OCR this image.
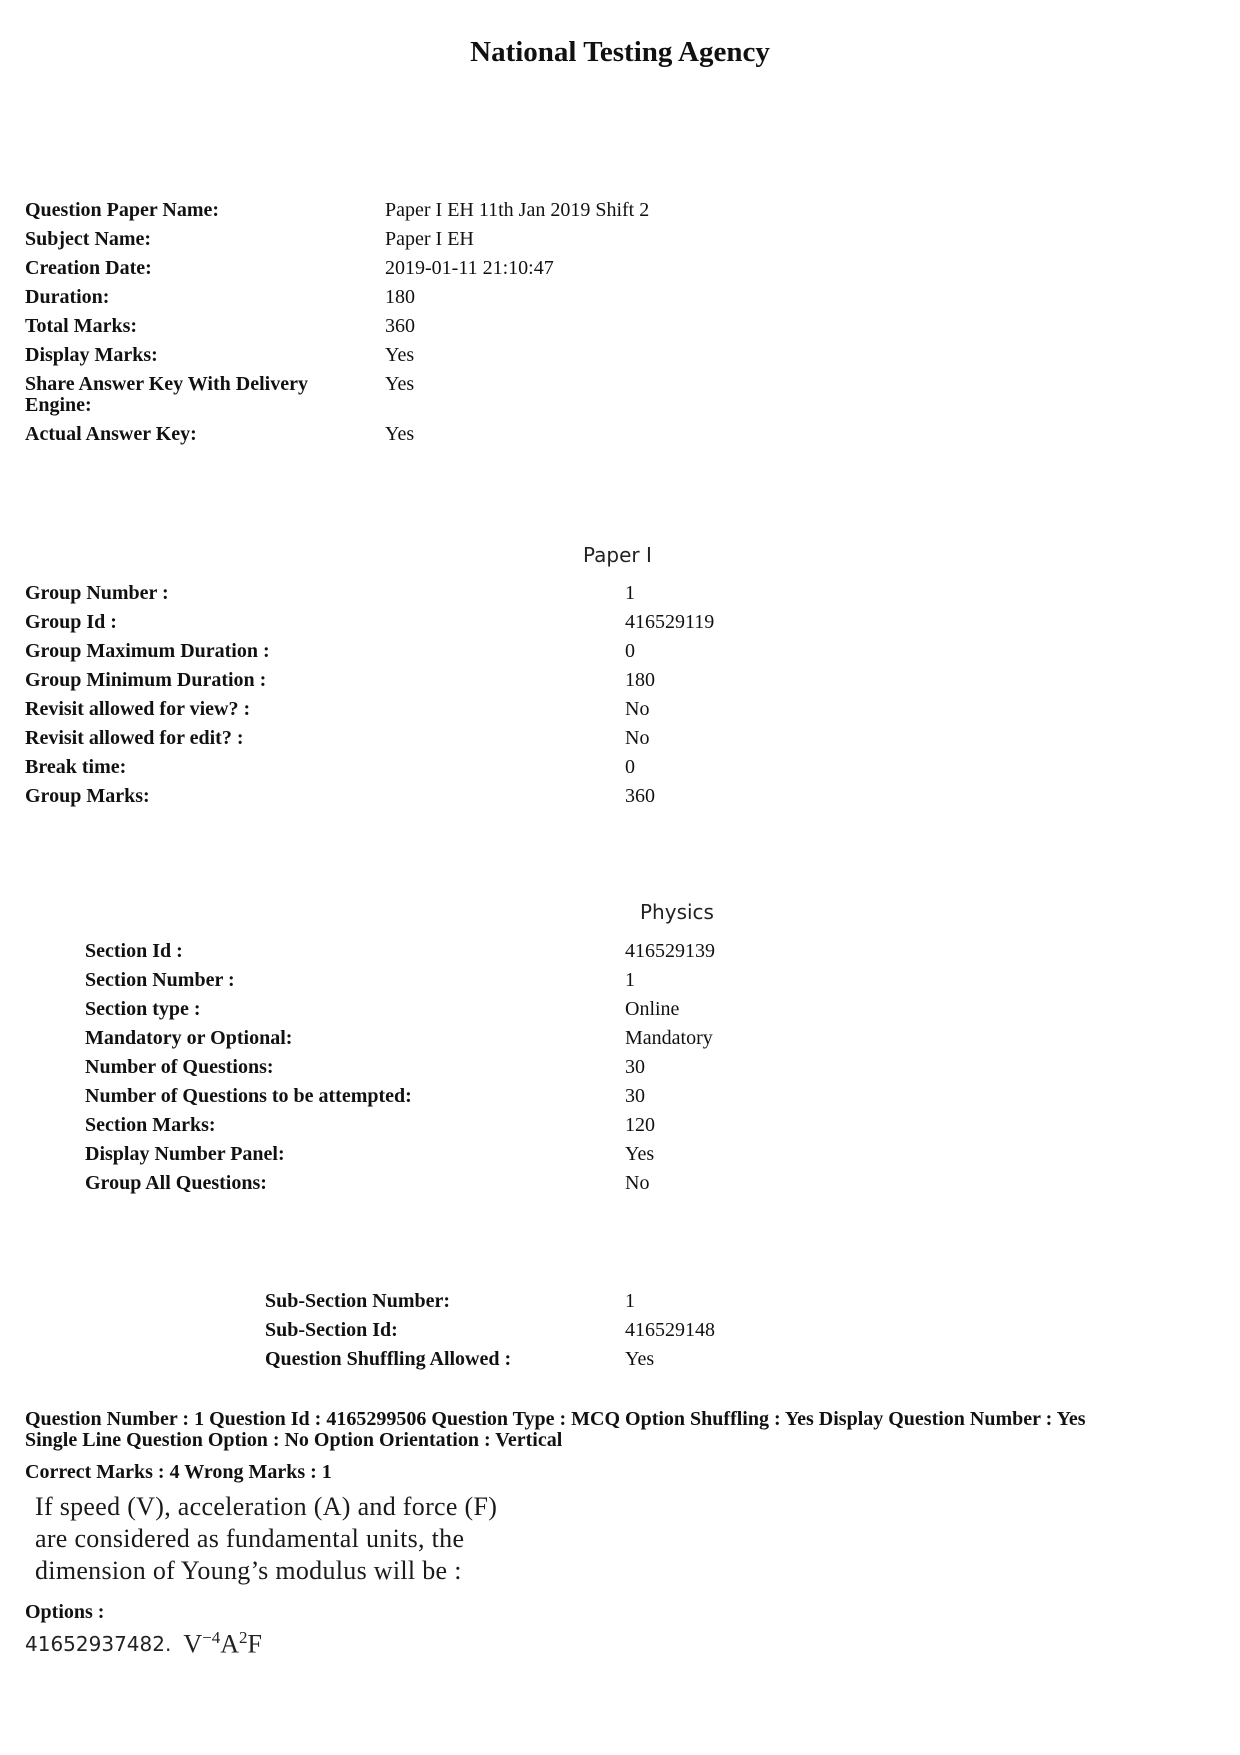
National Testing Agency
Question Paper Name:	Paper I EH 11th Jan 2019 Shift 2
Subject Name:	Paper I EH
Creation Date:	2019-01-11 21:10:47
Duration:	180
Total Marks:	360
Display Marks:	Yes
Share Answer Key With Delivery Engine:
Yes
Actual Answer Key:	Yes
Paper I
Group Number :	1
Group Id :	416529119
Group Maximum Duration :	0
Group Minimum Duration :	180
Revisit allowed for view? :	No
Revisit allowed for edit? :	No
Break time:	0
Group Marks:	360
Physics
Section Id :	416529139
Section Number :	1
Section type :	Online
Mandatory or Optional:	Mandatory
Number of Questions:	30
Number of Questions to be attempted:	30
Section Marks:	120
Display Number Panel:	Yes
Group All Questions:	No
Sub-Section Number:	1
Sub-Section Id:	416529148
Question Shuffling Allowed :	Yes
Question Number : 1 Question Id : 4165299506 Question Type : MCQ Option Shuffling : Yes Display Question Number : Yes
Single Line Question Option : No Option Orientation : Vertical
Correct Marks : 4 Wrong Marks : 1
If speed (V), acceleration (A) and force (F)
are considered as fundamental units, the
dimension of Young’s modulus will be :
Options :
41652937482. $V^{-4}A^2F$
